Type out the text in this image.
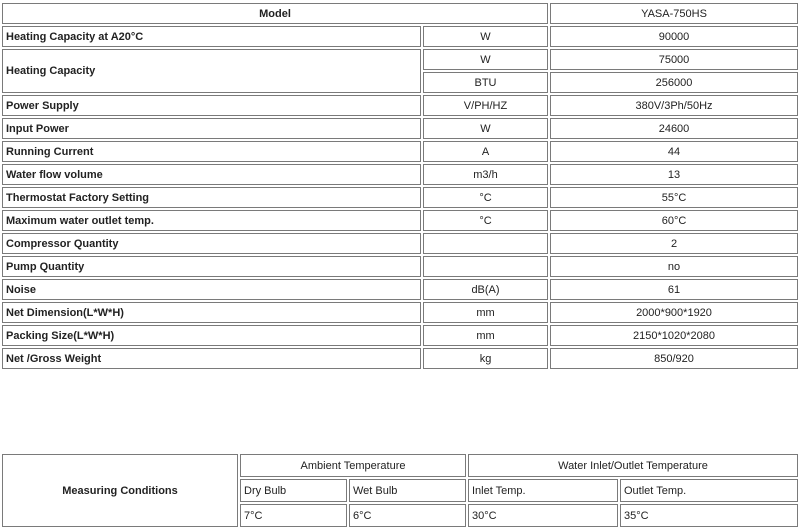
Model		YASA-750HS
Heating Capacity at A20°C	W	90000
Heating Capacity	W	75000
	BTU	256000
Power Supply	V/PH/HZ	380V/3Ph/50Hz
Input Power	W	24600
Running Current	A	44
Water flow volume	m3/h	13
Thermostat Factory Setting	°C	55°C
Maximum water outlet temp.	°C	60°C
Compressor Quantity		2
Pump Quantity		no
Noise	dB(A)	61
Net Dimension(L*W*H)	mm	2000*900*1920
Packing Size(L*W*H)	mm	2150*1020*2080
Net /Gross Weight	kg	850/920
Measuring Conditions	Ambient Temperature		Water Inlet/Outlet Temperature	
	Dry Bulb	Wet Bulb	Inlet Temp.	Outlet Temp.
	7°C	6°C	30°C	35°C
